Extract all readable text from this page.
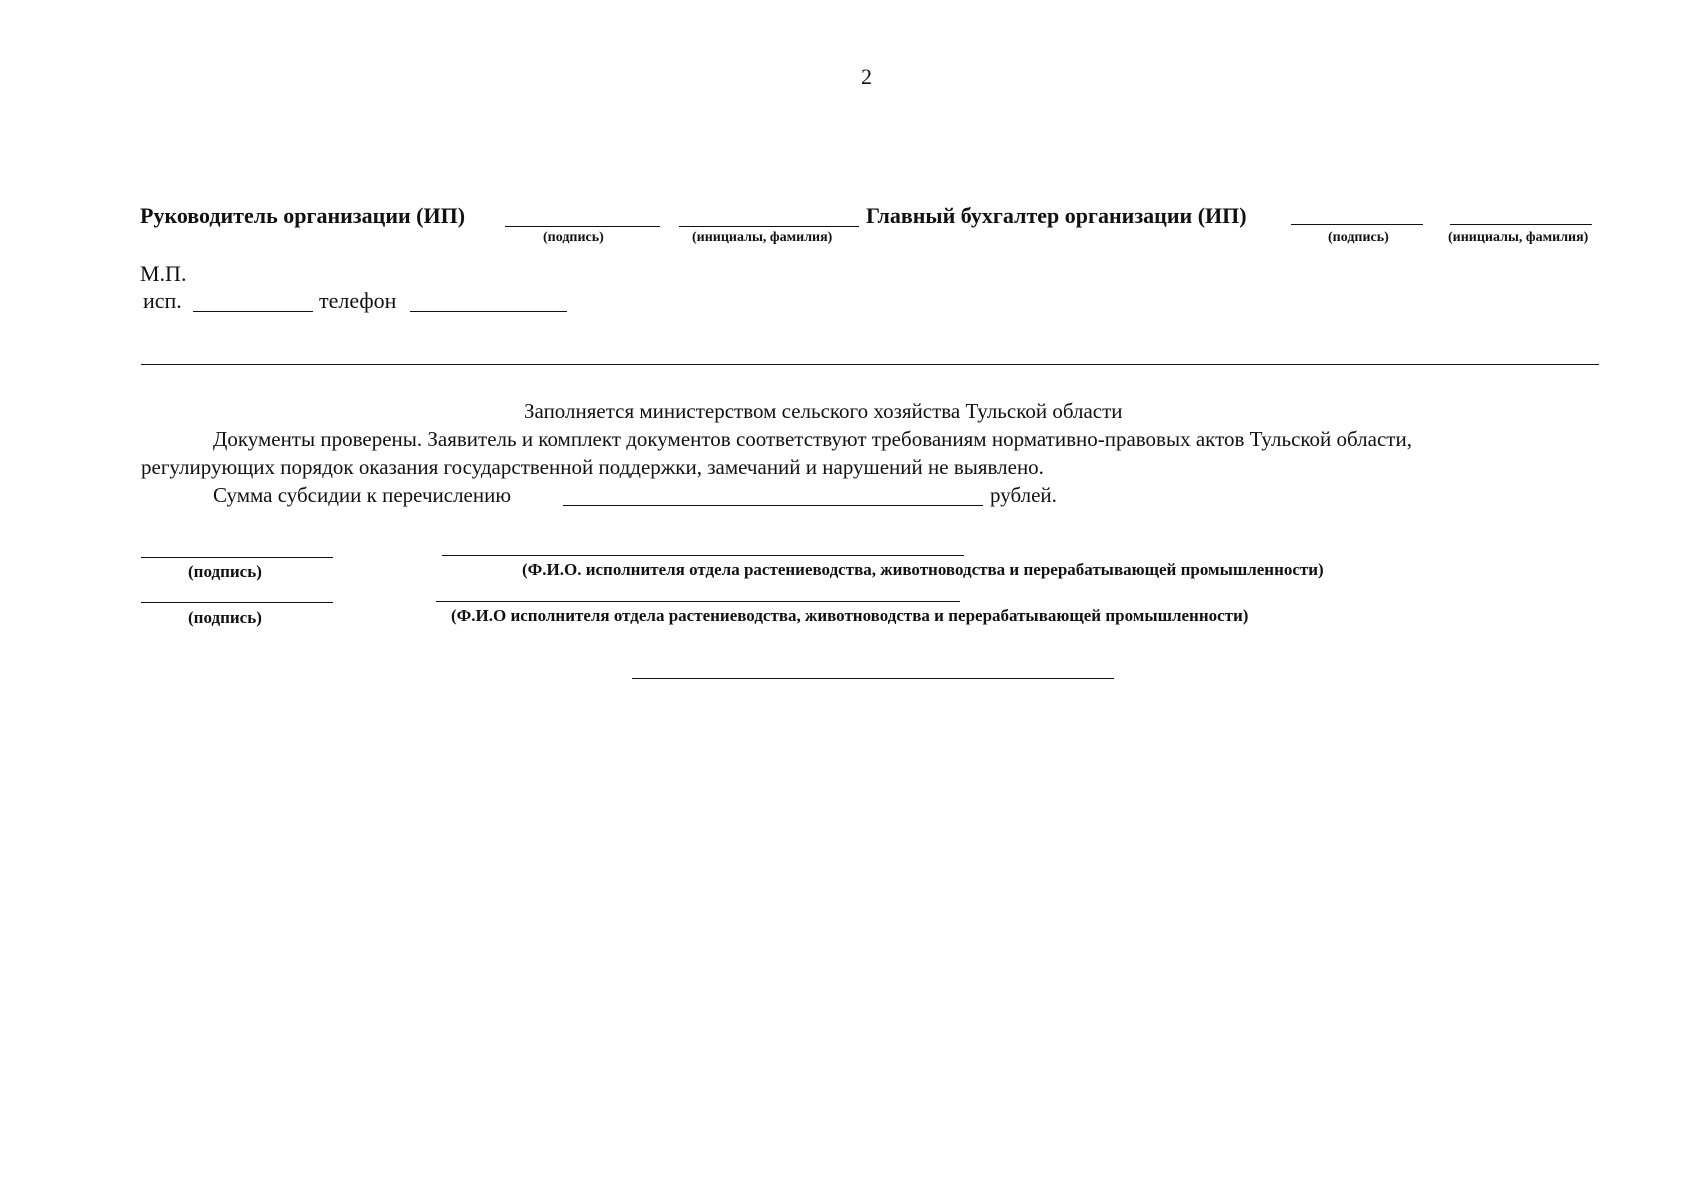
2
Руководитель организации (ИП)
(подпись)	(инициалы, фамилия)
Главный бухгалтер организации (ИП)
(подпись)	(инициалы, фамилия)
М.П.
исп.	телефон
Заполняется министерством сельского хозяйства Тульской области
Документы проверены. Заявитель и комплект документов соответствуют требованиям нормативно-правовых актов Тульской области,
регулирующих порядок оказания государственной поддержки, замечаний и нарушений не выявлено.
Сумма субсидии к перечислению	рублей.
(подпись)	(Ф.И.О. исполнителя отдела растениеводства, животноводства и перерабатывающей промышленности)
(подпись)	(Ф.И.О исполнителя отдела растениеводства, животноводства и перерабатывающей промышленности)
